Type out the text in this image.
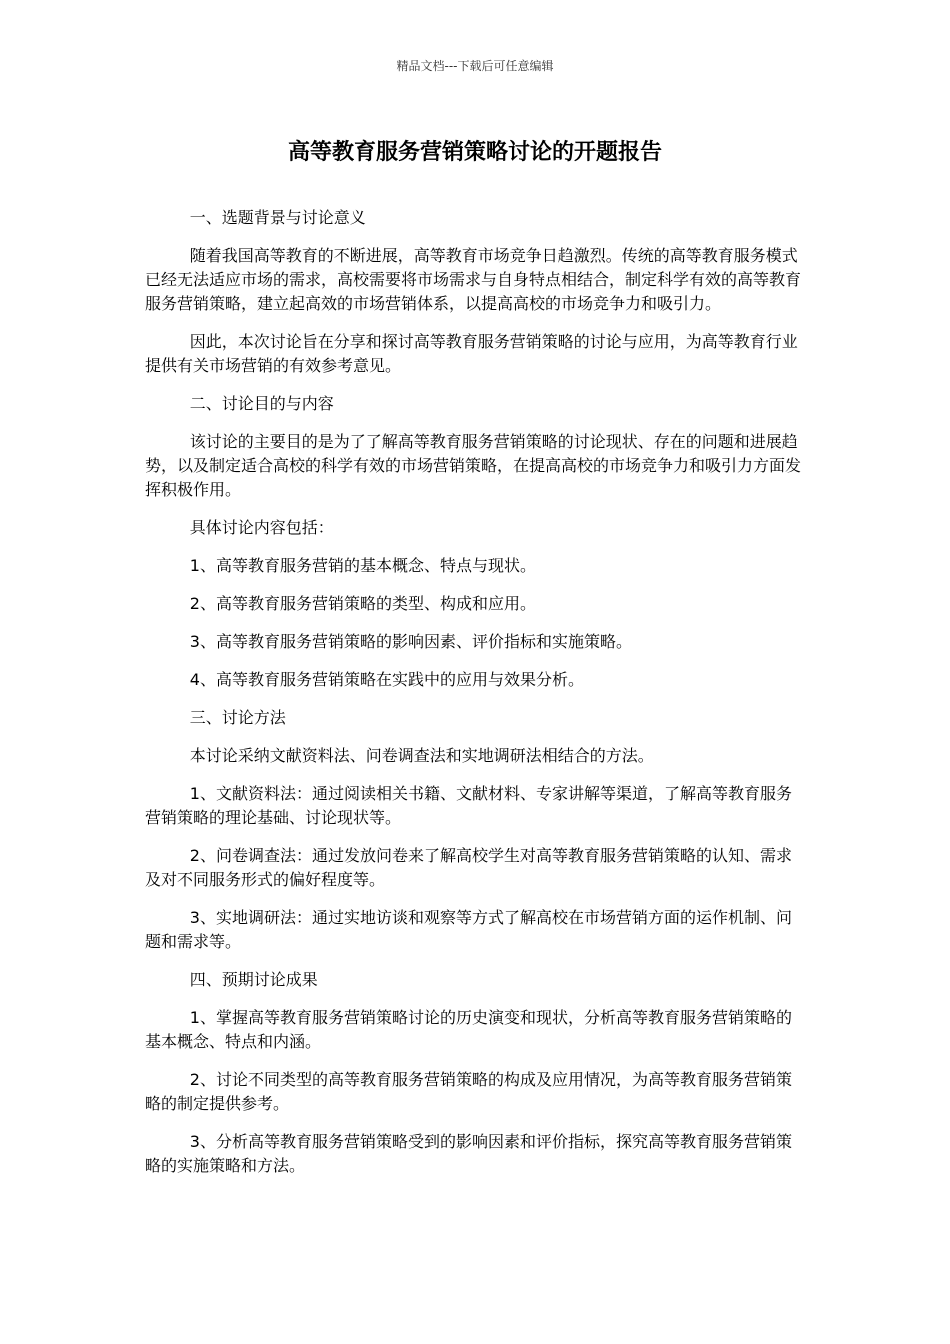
精品文档---下载后可任意编辑
高等教育服务营销策略讨论的开题报告

一、选题背景与讨论意义

随着我国高等教育的不断进展，高等教育市场竞争日趋激烈。传统的高等教育服务模式已经无法适应市场的需求，高校需要将市场需求与自身特点相结合，制定科学有效的高等教育服务营销策略，建立起高效的市场营销体系，以提高高校的市场竞争力和吸引力。

因此，本次讨论旨在分享和探讨高等教育服务营销策略的讨论与应用，为高等教育行业提供有关市场营销的有效参考意见。

二、讨论目的与内容

该讨论的主要目的是为了了解高等教育服务营销策略的讨论现状、存在的问题和进展趋势，以及制定适合高校的科学有效的市场营销策略，在提高高校的市场竞争力和吸引力方面发挥积极作用。

具体讨论内容包括：

1、高等教育服务营销的基本概念、特点与现状。

2、高等教育服务营销策略的类型、构成和应用。

3、高等教育服务营销策略的影响因素、评价指标和实施策略。

4、高等教育服务营销策略在实践中的应用与效果分析。

三、讨论方法

本讨论采纳文献资料法、问卷调查法和实地调研法相结合的方法。

1、文献资料法：通过阅读相关书籍、文献材料、专家讲解等渠道，了解高等教育服务营销策略的理论基础、讨论现状等。

2、问卷调查法：通过发放问卷来了解高校学生对高等教育服务营销策略的认知、需求及对不同服务形式的偏好程度等。

3、实地调研法：通过实地访谈和观察等方式了解高校在市场营销方面的运作机制、问题和需求等。

四、预期讨论成果

1、掌握高等教育服务营销策略讨论的历史演变和现状，分析高等教育服务营销策略的基本概念、特点和内涵。

2、讨论不同类型的高等教育服务营销策略的构成及应用情况，为高等教育服务营销策略的制定提供参考。

3、分析高等教育服务营销策略受到的影响因素和评价指标，探究高等教育服务营销策略的实施策略和方法。
